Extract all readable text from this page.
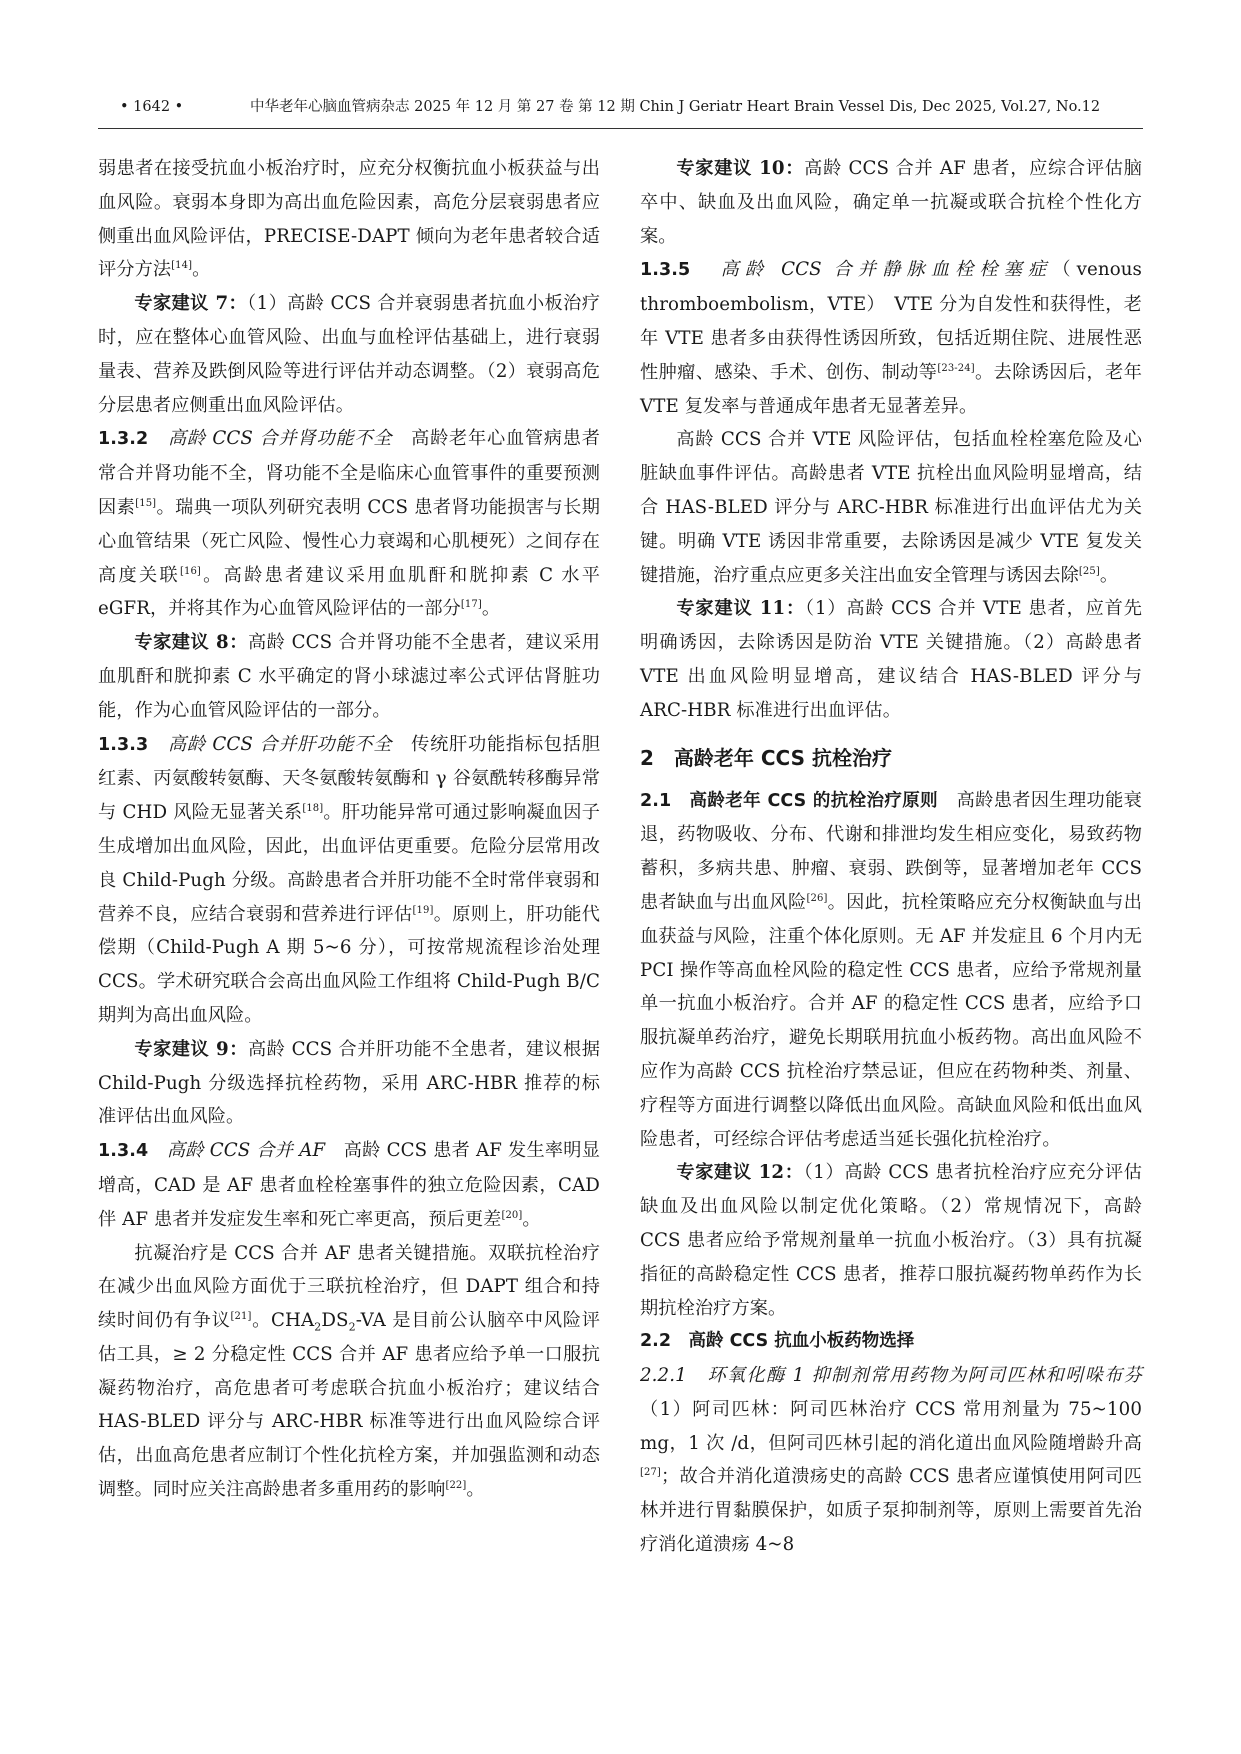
• 1642 •	中华老年心脑血管病杂志 2025 年 12 月 第 27 卷 第 12 期 Chin J Geriatr Heart Brain Vessel Dis, Dec 2025, Vol.27, No.12

弱患者在接受抗血小板治疗时，应充分权衡抗血小板获益与出血风险。衰弱本身即为高出血危险因素，高危分层衰弱患者应侧重出血风险评估，PRECISE-DAPT 倾向为老年患者较合适评分方法[14]。

专家建议 7：（1）高龄 CCS 合并衰弱患者抗血小板治疗时，应在整体心血管风险、出血与血栓评估基础上，进行衰弱量表、营养及跌倒风险等进行评估并动态调整。（2）衰弱高危分层患者应侧重出血风险评估。

1.3.2　 高龄 CCS 合并肾功能不全　 高龄老年心血管病患者常合并肾功能不全，肾功能不全是临床心血管事件的重要预测因素[15]。瑞典一项队列研究表明 CCS 患者肾功能损害与长期心血管结果（死亡风险、慢性心力衰竭和心肌梗死）之间存在高度关联[16]。高龄患者建议采用血肌酐和胱抑素 C 水平 eGFR，并将其作为心血管风险评估的一部分[17]。

专家建议 8：高龄 CCS 合并肾功能不全患者，建议采用血肌酐和胱抑素 C 水平确定的肾小球滤过率公式评估肾脏功能，作为心血管风险评估的一部分。

1.3.3　 高龄 CCS 合并肝功能不全　 传统肝功能指标包括胆红素、丙氨酸转氨酶、天冬氨酸转氨酶和 γ 谷氨酰转移酶异常与 CHD 风险无显著关系[18]。肝功能异常可通过影响凝血因子生成增加出血风险，因此，出血评估更重要。危险分层常用改良 Child-Pugh 分级。高龄患者合并肝功能不全时常伴衰弱和营养不良，应结合衰弱和营养进行评估[19]。原则上，肝功能代偿期（Child-Pugh A 期 5~6 分），可按常规流程诊治处理 CCS。学术研究联合会高出血风险工作组将 Child-Pugh B/C 期判为高出血风险。

专家建议 9：高龄 CCS 合并肝功能不全患者，建议根据 Child-Pugh 分级选择抗栓药物，采用 ARC-HBR 推荐的标准评估出血风险。

1.3.4　 高龄 CCS 合并 AF　 高龄 CCS 患者 AF 发生率明显增高，CAD 是 AF 患者血栓栓塞事件的独立危险因素，CAD 伴 AF 患者并发症发生率和死亡率更高，预后更差[20]。

抗凝治疗是 CCS 合并 AF 患者关键措施。双联抗栓治疗在减少出血风险方面优于三联抗栓治疗，但 DAPT 组合和持续时间仍有争议[21]。$CHA_2DS_2-VA$ 是目前公认脑卒中风险评估工具，≥ 2 分稳定性 CCS 合并 AF 患者应给予单一口服抗凝药物治疗，高危患者可考虑联合抗血小板治疗；建议结合 HAS-BLED 评分与 ARC-HBR 标准等进行出血风险综合评估，出血高危患者应制订个性化抗栓方案，并加强监测和动态调整。同时应关注高龄患者多重用药的影响[22]。

专家建议 10：高龄 CCS 合并 AF 患者，应综合评估脑卒中、缺血及出血风险，确定单一抗凝或联合抗栓个性化方案。

1.3.5　 高龄 CCS 合并静脉血栓栓塞症（venous thromboembolism，VTE）　 VTE 分为自发性和获得性，老年 VTE 患者多由获得性诱因所致，包括近期住院、进展性恶性肿瘤、感染、手术、创伤、制动等[23-24]。去除诱因后，老年 VTE 复发率与普通成年患者无显著差异。

高龄 CCS 合并 VTE 风险评估，包括血栓栓塞危险及心脏缺血事件评估。高龄患者 VTE 抗栓出血风险明显增高，结合 HAS-BLED 评分与 ARC-HBR 标准进行出血评估尤为关键。明确 VTE 诱因非常重要，去除诱因是减少 VTE 复发关键措施，治疗重点应更多关注出血安全管理与诱因去除[25]。

专家建议 11：（1）高龄 CCS 合并 VTE 患者，应首先明确诱因，去除诱因是防治 VTE 关键措施。（2）高龄患者 VTE 出血风险明显增高，建议结合 HAS-BLED 评分与 ARC-HBR 标准进行出血评估。

2　高龄老年 CCS 抗栓治疗

2.1　高龄老年 CCS 的抗栓治疗原则　 高龄患者因生理功能衰退，药物吸收、分布、代谢和排泄均发生相应变化，易致药物蓄积，多病共患、肿瘤、衰弱、跌倒等，显著增加老年 CCS 患者缺血与出血风险[26]。因此，抗栓策略应充分权衡缺血与出血获益与风险，注重个体化原则。无 AF 并发症且 6 个月内无 PCI 操作等高血栓风险的稳定性 CCS 患者，应给予常规剂量单一抗血小板治疗。合并 AF 的稳定性 CCS 患者，应给予口服抗凝单药治疗，避免长期联用抗血小板药物。高出血风险不应作为高龄 CCS 抗栓治疗禁忌证，但应在药物种类、剂量、疗程等方面进行调整以降低出血风险。高缺血风险和低出血风险患者，可经综合评估考虑适当延长强化抗栓治疗。

专家建议 12：（1）高龄 CCS 患者抗栓治疗应充分评估缺血及出血风险以制定优化策略。（2）常规情况下，高龄 CCS 患者应给予常规剂量单一抗血小板治疗。（3）具有抗凝指征的高龄稳定性 CCS 患者，推荐口服抗凝药物单药作为长期抗栓治疗方案。

2.2　高龄 CCS 抗血小板药物选择

2.2.1　环氧化酶 1 抑制剂常用药物为阿司匹林和吲哚布芬　（1）阿司匹林：阿司匹林治疗 CCS 常用剂量为 75~100 mg，1 次 /d，但阿司匹林引起的消化道出血风险随增龄升高[27]；故合并消化道溃疡史的高龄 CCS 患者应谨慎使用阿司匹林并进行胃黏膜保护，如质子泵抑制剂等，原则上需要首先治疗消化道溃疡 4~8
